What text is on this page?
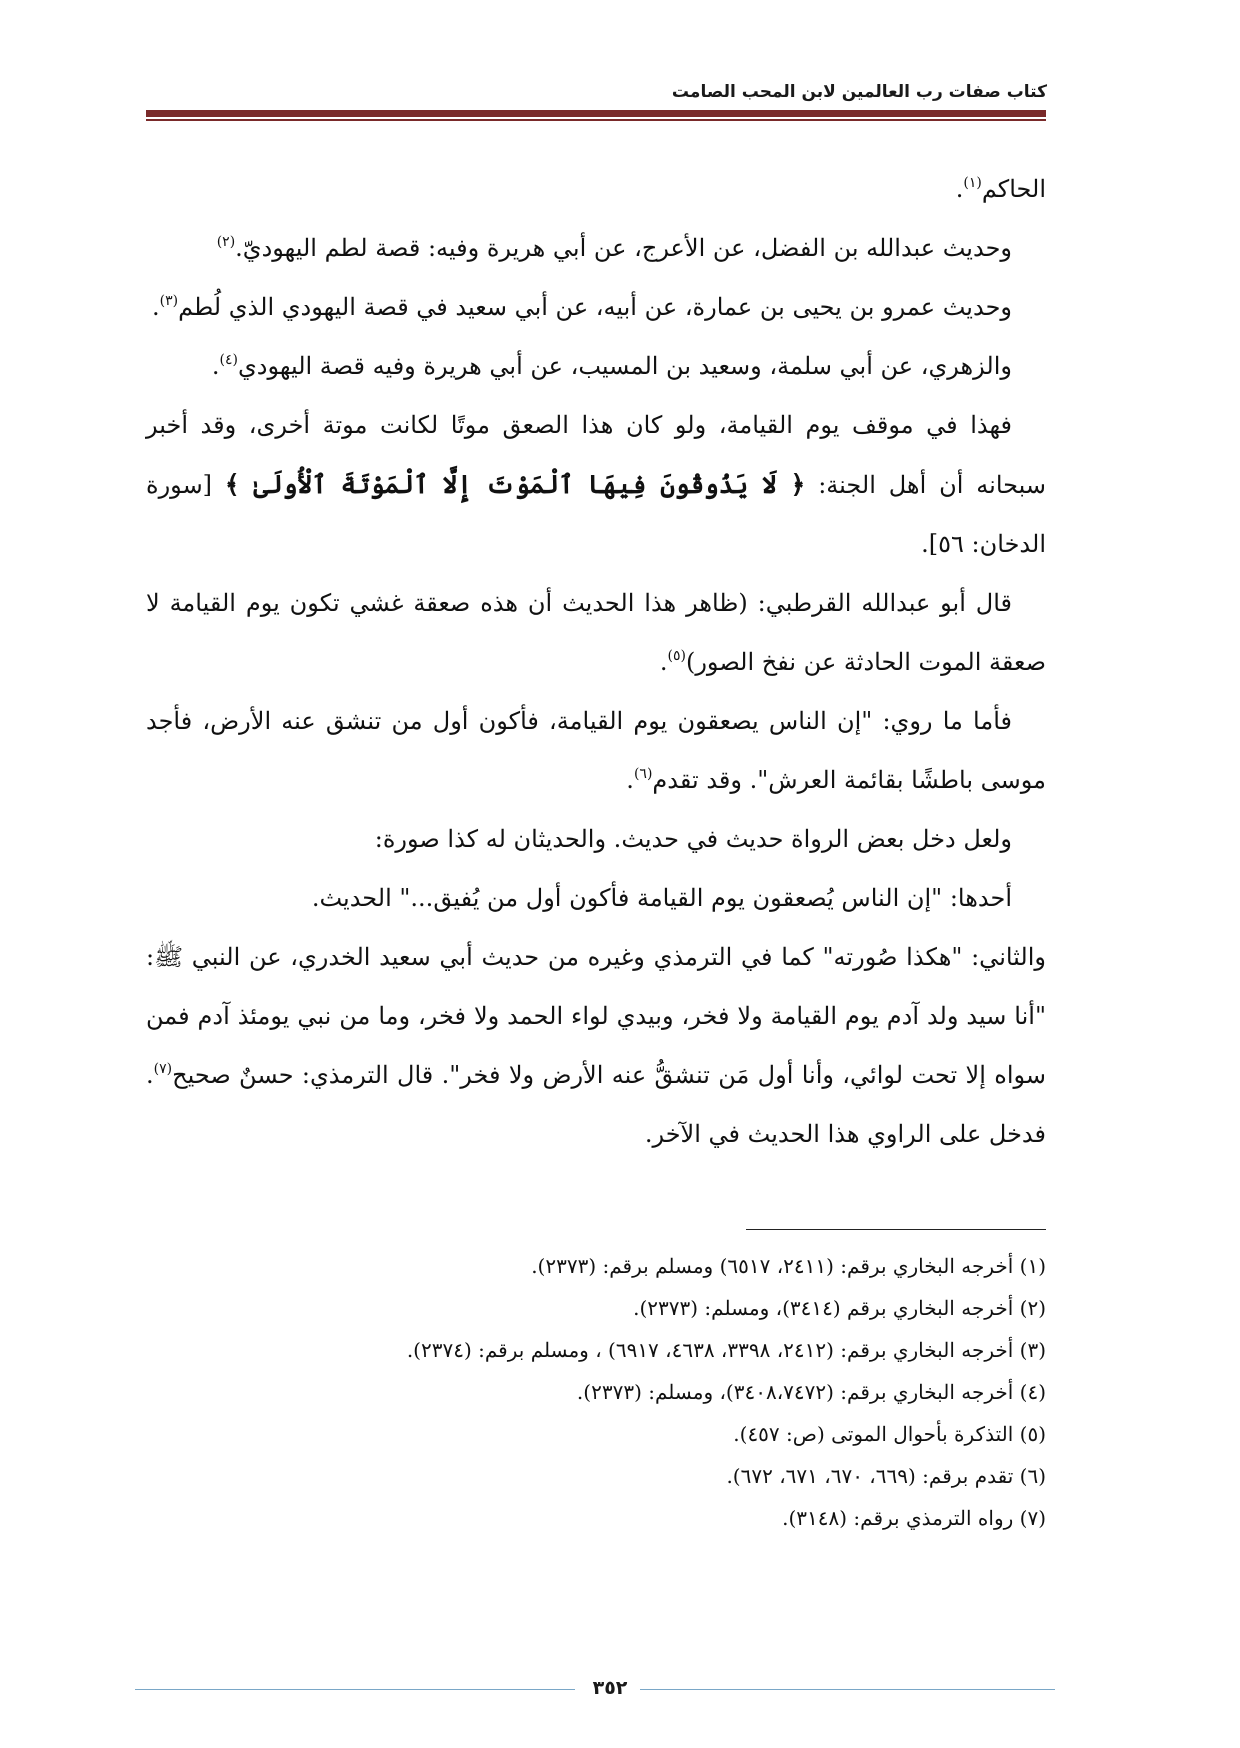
كتاب صفات رب العالمين لابن المحب الصامت

الحاكم$^{(١)}$.

وحديث عبدالله بن الفضل، عن الأعرج، عن أبي هريرة وفيه: قصة لطم اليهوديّ.$^{(٢)}$

وحديث عمرو بن يحيى بن عمارة، عن أبيه، عن أبي سعيد في قصة اليهودي الذي لُطم$^{(٣)}$.

والزهري، عن أبي سلمة، وسعيد بن المسيب، عن أبي هريرة وفيه قصة اليهودي$^{(٤)}$.

فهذا في موقف يوم القيامة، ولو كان هذا الصعق موتًا لكانت موتة أخرى، وقد أخبر سبحانه أن أهل الجنة: ﴿ لَا يَذُوقُونَ فِيهَا ٱلْمَوْتَ إِلَّا ٱلْمَوْتَةَ ٱلْأُولَىٰ ﴾ [سورة الدخان: ٥٦].

قال أبو عبدالله القرطبي: (ظاهر هذا الحديث أن هذه صعقة غشي تكون يوم القيامة لا صعقة الموت الحادثة عن نفخ الصور)$^{(٥)}$.

فأما ما روي: "إن الناس يصعقون يوم القيامة، فأكون أول من تنشق عنه الأرض، فأجد موسى باطشًا بقائمة العرش". وقد تقدم$^{(٦)}$.

ولعل دخل بعض الرواة حديث في حديث. والحديثان له كذا صورة:

أحدها: "إن الناس يُصعقون يوم القيامة فأكون أول من يُفيق..." الحديث.

والثاني: "هكذا صُورته" كما في الترمذي وغيره من حديث أبي سعيد الخدري، عن النبي ﷺ: "أنا سيد ولد آدم يوم القيامة ولا فخر، وبيدي لواء الحمد ولا فخر، وما من نبي يومئذ آدم فمن سواه إلا تحت لوائي، وأنا أول مَن تنشقُّ عنه الأرض ولا فخر". قال الترمذي: حسنٌ صحيح$^{(٧)}$. فدخل على الراوي هذا الحديث في الآخر.

(١) أخرجه البخاري برقم: (٢٤١١، ٦٥١٧) ومسلم برقم: (٢٣٧٣).
(٢) أخرجه البخاري برقم (٣٤١٤)، ومسلم: (٢٣٧٣).
(٣) أخرجه البخاري برقم: (٢٤١٢، ٣٣٩٨، ٤٦٣٨، ٦٩١٧) ، ومسلم برقم: (٢٣٧٤).
(٤) أخرجه البخاري برقم: (٣٤٠٨،٧٤٧٢)، ومسلم: (٢٣٧٣).
(٥) التذكرة بأحوال الموتى (ص: ٤٥٧).
(٦) تقدم برقم: (٦٦٩، ٦٧٠، ٦٧١، ٦٧٢).
(٧) رواه الترمذي برقم: (٣١٤٨).
٣٥٢
